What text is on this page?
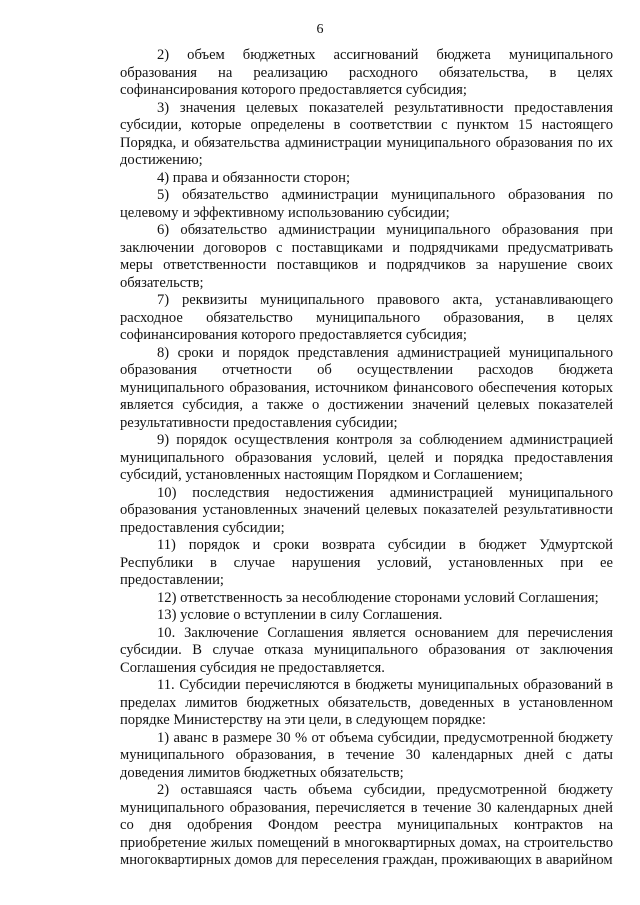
6

2) объем бюджетных ассигнований бюджета муниципального образования на реализацию расходного обязательства, в целях софинансирования которого предоставляется субсидия;

3) значения целевых показателей результативности предоставления субсидии, которые определены в соответствии с пунктом 15 настоящего Порядка, и обязательства администрации муниципального образования по их достижению;

4) права и обязанности сторон;

5) обязательство администрации муниципального образования по целевому и эффективному использованию субсидии;

6) обязательство администрации муниципального образования при заключении договоров с поставщиками и подрядчиками предусматривать меры ответственности поставщиков и подрядчиков за нарушение своих обязательств;

7) реквизиты муниципального правового акта, устанавливающего расходное обязательство муниципального образования, в целях софинансирования которого предоставляется субсидия;

8) сроки и порядок представления администрацией муниципального образования отчетности об осуществлении расходов бюджета муниципального образования, источником финансового обеспечения которых является субсидия, а также о достижении значений целевых показателей результативности предоставления субсидии;

9) порядок осуществления контроля за соблюдением администрацией муниципального образования условий, целей и порядка предоставления субсидий, установленных настоящим Порядком и Соглашением;

10) последствия недостижения администрацией муниципального образования установленных значений целевых показателей результативности предоставления субсидии;

11) порядок и сроки возврата субсидии в бюджет Удмуртской Республики в случае нарушения условий, установленных при ее предоставлении;

12) ответственность за несоблюдение сторонами условий Соглашения;

13) условие о вступлении в силу Соглашения.

10. Заключение Соглашения является основанием для перечисления субсидии. В случае отказа муниципального образования от заключения Соглашения субсидия не предоставляется.

11. Субсидии перечисляются в бюджеты муниципальных образований в пределах лимитов бюджетных обязательств, доведенных в установленном порядке Министерству на эти цели, в следующем порядке:

1) аванс в размере 30 % от объема субсидии, предусмотренной бюджету муниципального образования, в течение 30 календарных дней с даты доведения лимитов бюджетных обязательств;

2) оставшаяся часть объема субсидии, предусмотренной бюджету муниципального образования, перечисляется в течение 30 календарных дней со дня одобрения Фондом реестра муниципальных контрактов на приобретение жилых помещений в многоквартирных домах, на строительство многоквартирных домов для переселения граждан, проживающих в аварийном
